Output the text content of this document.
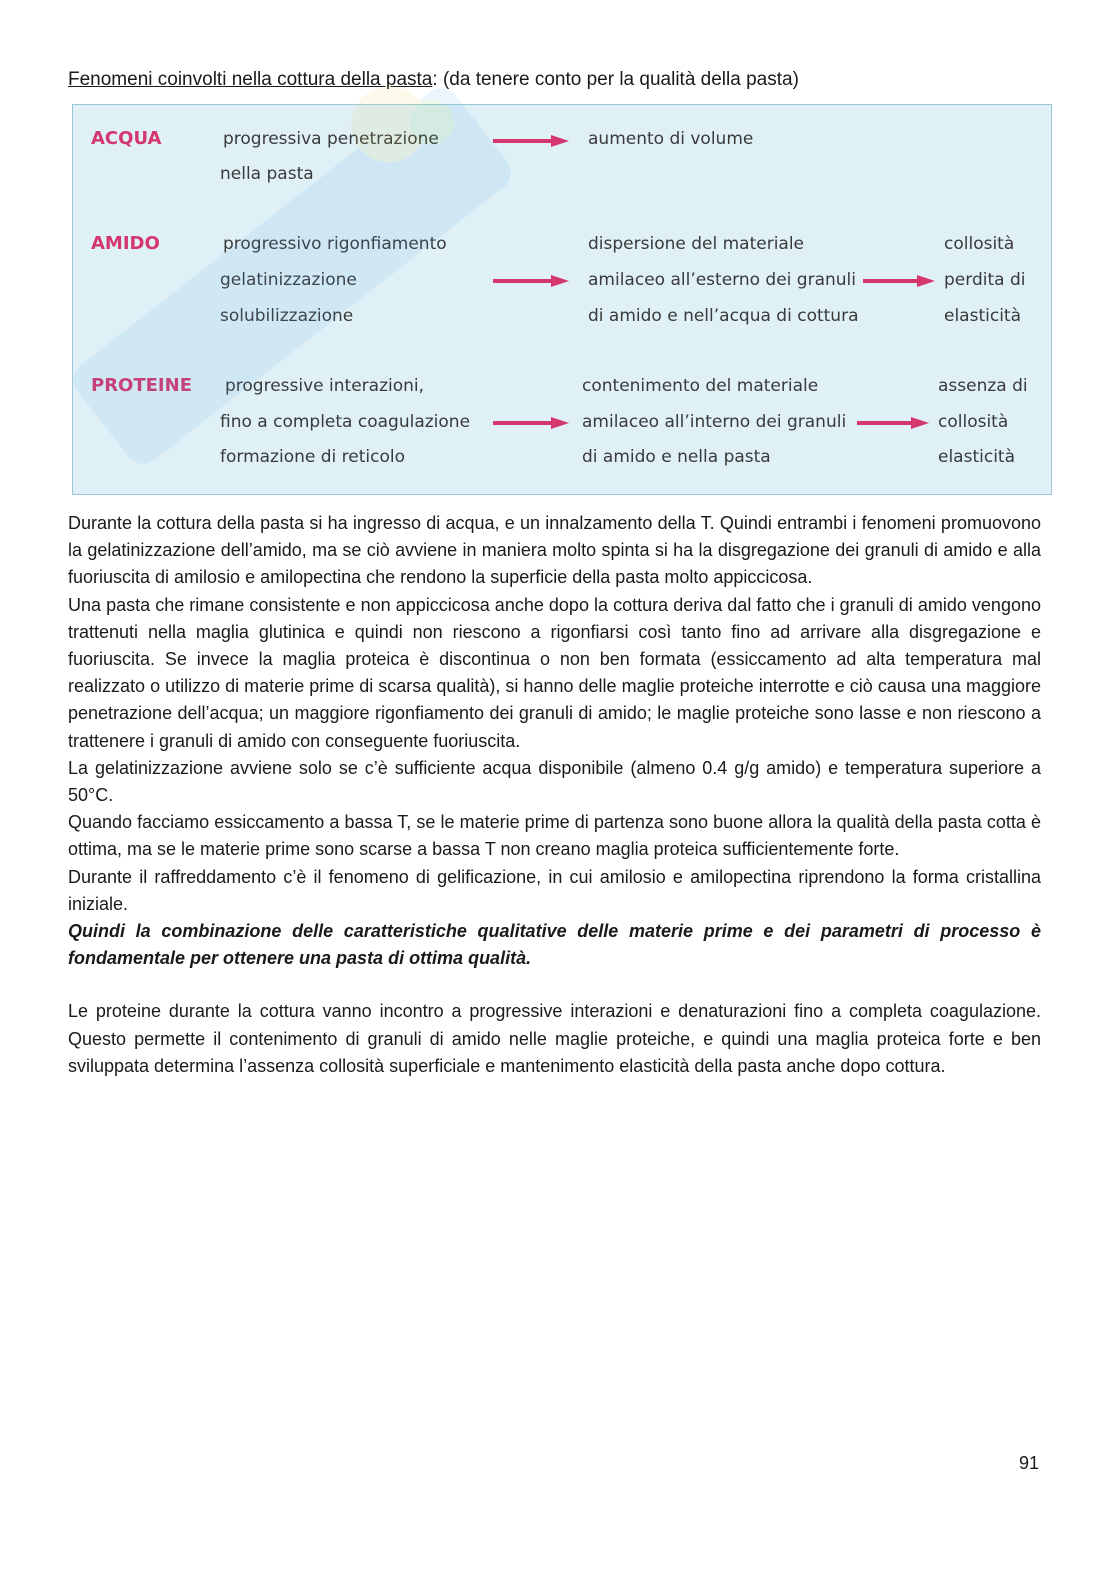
Fenomeni coinvolti nella cottura della pasta: (da tenere conto per la qualità della pasta)
ACQUA	progressiva penetrazione
nella pasta
aumento di volume
AMIDO	progressivo rigonfiamento
gelatinizzazione
solubilizzazione
dispersione del materiale
amilaceo all’esterno dei granuli
di amido e nell’acqua di cottura
collosità
perdita di
elasticità
PROTEINE progressive interazioni,
fino a completa coagulazione
formazione di reticolo
contenimento del materiale
amilaceo all’interno dei granuli
di amido e nella pasta
assenza di
collosità
elasticità

Durante la cottura della pasta si ha ingresso di acqua, e un innalzamento della T. Quindi entrambi i fenomeni promuovono la gelatinizzazione dell’amido, ma se ciò avviene in maniera molto spinta si ha la disgregazione dei granuli di amido e alla fuoriuscita di amilosio e amilopectina che rendono la superficie della pasta molto appiccicosa.

Una pasta che rimane consistente e non appiccicosa anche dopo la cottura deriva dal fatto che i granuli di amido vengono trattenuti nella maglia glutinica e quindi non riescono a rigonfiarsi così tanto fino ad arrivare alla disgregazione e fuoriuscita. Se invece la maglia proteica è discontinua o non ben formata (essiccamento ad alta temperatura mal realizzato o utilizzo di materie prime di scarsa qualità), si hanno delle maglie proteiche interrotte e ciò causa una maggiore penetrazione dell’acqua; un maggiore rigonfiamento dei granuli di amido; le maglie proteiche sono lasse e non riescono a trattenere i granuli di amido con conseguente fuoriuscita.

La gelatinizzazione avviene solo se c’è sufficiente acqua disponibile (almeno 0.4 g/g amido) e temperatura superiore a 50°C.

Quando facciamo essiccamento a bassa T, se le materie prime di partenza sono buone allora la qualità della pasta cotta è ottima, ma se le materie prime sono scarse a bassa T non creano maglia proteica sufficientemente forte.

Durante il raffreddamento c’è il fenomeno di gelificazione, in cui amilosio e amilopectina riprendono la forma cristallina iniziale.

Quindi la combinazione delle caratteristiche qualitative delle materie prime e dei parametri di processo è fondamentale per ottenere una pasta di ottima qualità.

Le proteine durante la cottura vanno incontro a progressive interazioni e denaturazioni fino a completa coagulazione. Questo permette il contenimento di granuli di amido nelle maglie proteiche, e quindi una maglia proteica forte e ben sviluppata determina l’assenza collosità superficiale e mantenimento elasticità della pasta anche dopo cottura.

91
